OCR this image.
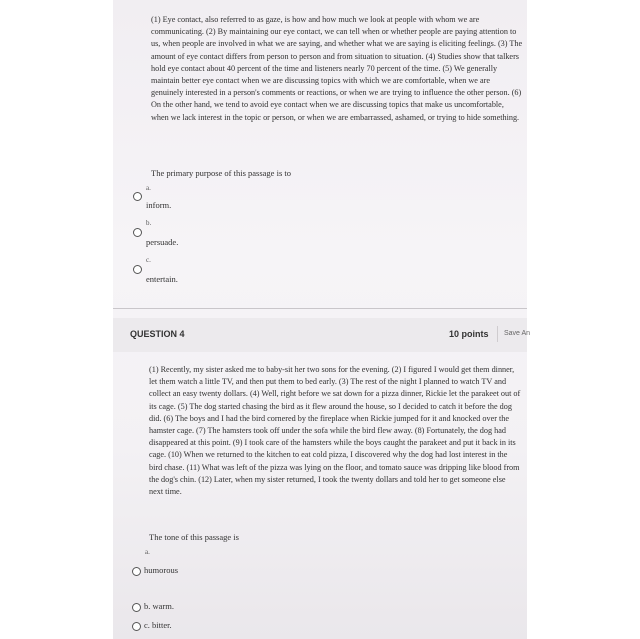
(1) Eye contact, also referred to as gaze, is how and how much we look at people with whom we are communicating. (2) By maintaining our eye contact, we can tell when or whether people are paying attention to us, when people are involved in what we are saying, and whether what we are saying is eliciting feelings. (3) The amount of eye contact differs from person to person and from situation to situation. (4) Studies show that talkers hold eye contact about 40 percent of the time and listeners nearly 70 percent of the time. (5) We generally maintain better eye contact when we are discussing topics with which we are comfortable, when we are genuinely interested in a person's comments or reactions, or when we are trying to influence the other person. (6) On the other hand, we tend to avoid eye contact when we are discussing topics that make us uncomfortable, when we lack interest in the topic or person, or when we are embarrassed, ashamed, or trying to hide something.
The primary purpose of this passage is to
a.
inform.
b.
persuade.
c.
entertain.
QUESTION 4	10 points	Save An
(1) Recently, my sister asked me to baby-sit her two sons for the evening. (2) I figured I would get them dinner, let them watch a little TV, and then put them to bed early. (3) The rest of the night I planned to watch TV and collect an easy twenty dollars. (4) Well, right before we sat down for a pizza dinner, Rickie let the parakeet out of its cage. (5) The dog started chasing the bird as it flew around the house, so I decided to catch it before the dog did. (6) The boys and I had the bird cornered by the fireplace when Rickie jumped for it and knocked over the hamster cage. (7) The hamsters took off under the sofa while the bird flew away. (8) Fortunately, the dog had disappeared at this point. (9) I took care of the hamsters while the boys caught the parakeet and put it back in its cage. (10) When we returned to the kitchen to eat cold pizza, I discovered why the dog had lost interest in the bird chase. (11) What was left of the pizza was lying on the floor, and tomato sauce was dripping like blood from the dog's chin. (12) Later, when my sister returned, I took the twenty dollars and told her to get someone else next time.
The tone of this passage is
a.
humorous
b. warm.
c. bitter.
